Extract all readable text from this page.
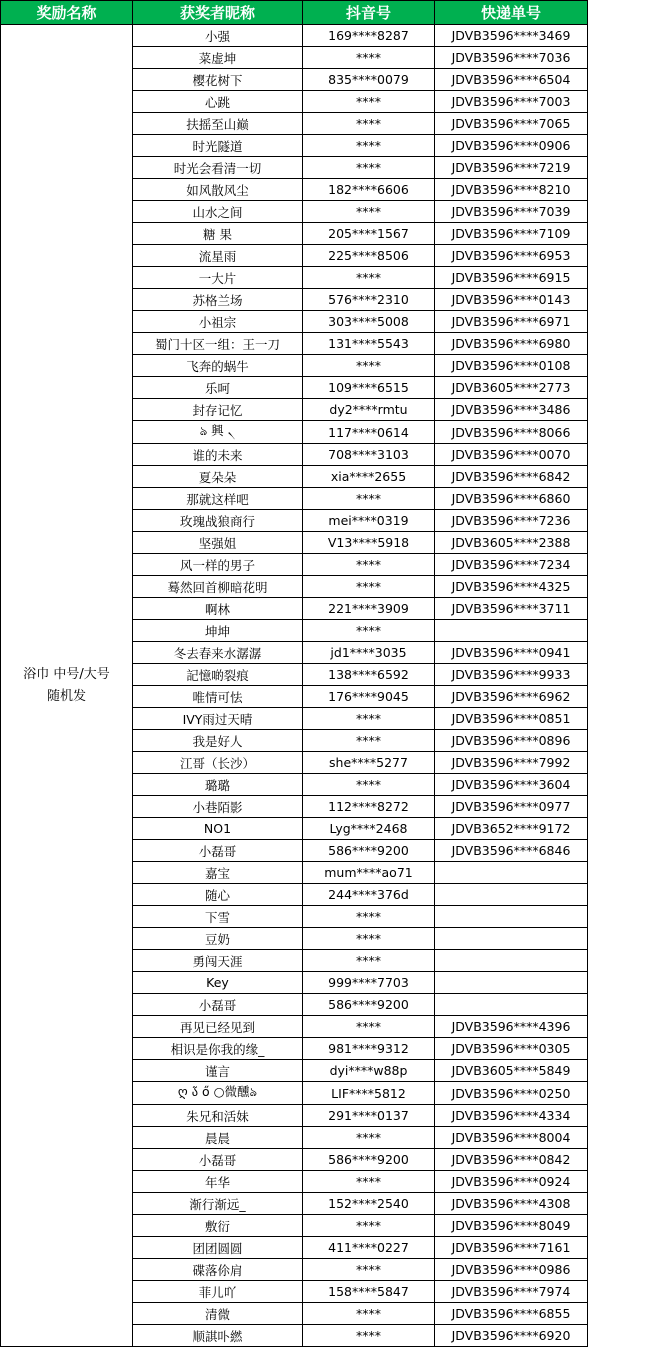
奖励名称	获奖者昵称	抖音号	快递单号

浴巾 中号/大号
随机发	小强	169****8287	JDVB3596****3469
	菜虚坤	****	JDVB3596****7036
	樱花树下	835****0079	JDVB3596****6504
	心跳	****	JDVB3596****7003
	扶摇至山巅	****	JDVB3596****7065
	时光隧道	****	JDVB3596****0906
	时光会看清一切	****	JDVB3596****7219
	如风散风尘	182****6606	JDVB3596****8210
	山水之间	****	JDVB3596****7039
	糖 果	205****1567	JDVB3596****7109
	流星雨	225****8506	JDVB3596****6953
	一大片	****	JDVB3596****6915
	苏格兰场	576****2310	JDVB3596****0143
	小祖宗	303****5008	JDVB3596****6971
	蜀门十区一组：王一刀	131****5543	JDVB3596****6980
	飞奔的蜗牛	****	JDVB3596****0108
	乐呵	109****6515	JDVB3605****2773
	封存记忆	dy2****rmtu	JDVB3596****3486
	ঌ 興 ৲	117****0614	JDVB3596****8066
	谁的未来	708****3103	JDVB3596****0070
	夏朵朵	xia****2655	JDVB3596****6842
	那就这样吧	****	JDVB3596****6860
	玫瑰战狼商行	mei****0319	JDVB3596****7236
	坚强姐	V13****5918	JDVB3605****2388
	风一样的男子	****	JDVB3596****7234
	蓦然回首柳暗花明	****	JDVB3596****4325
	啊林	221****3909	JDVB3596****3711
	坤坤	****	
	冬去春来水潺潺	jd1****3035	JDVB3596****0941
	記憶啲裂痕	138****6592	JDVB3596****9933
	唯情可怯	176****9045	JDVB3596****6962
	IVY雨过天晴	****	JDVB3596****0851
	我是好人	****	JDVB3596****0896
	江哥（长沙）	she****5277	JDVB3596****7992
	璐璐	****	JDVB3596****3604
	小巷陌影	112****8272	JDVB3596****0977
	NO1	Lyg****2468	JDVB3652****9172
	小磊哥	586****9200	JDVB3596****6846
	嘉宝	mum****ao71	
	随心	244****376d	
	下雪	****	
	豆奶	****	
	勇闯天涯	****	
	Key	999****7703	
	小磊哥	586****9200	
	再见已经见到	****	JDVB3596****4396
	相识是你我的缘_	981****9312	JDVB3596****0305
	谨言	dyi****w88p	JDVB3605****5849
	ღ ა̃ ő ○微醺ঌ	LIF****5812	JDVB3596****0250
	朱兄和活妹	291****0137	JDVB3596****4334
	晨晨	****	JDVB3596****8004
	小磊哥	586****9200	JDVB3596****0842
	年华	****	JDVB3596****0924
	渐行渐远_	152****2540	JDVB3596****4308
	敷衍	****	JDVB3596****8049
	团团圆圆	411****0227	JDVB3596****7161
	碟落伱肩	****	JDVB3596****0986
	菲儿吖	158****5847	JDVB3596****7974
	清微	****	JDVB3596****6855
	顺諆卟繎	****	JDVB3596****6920
